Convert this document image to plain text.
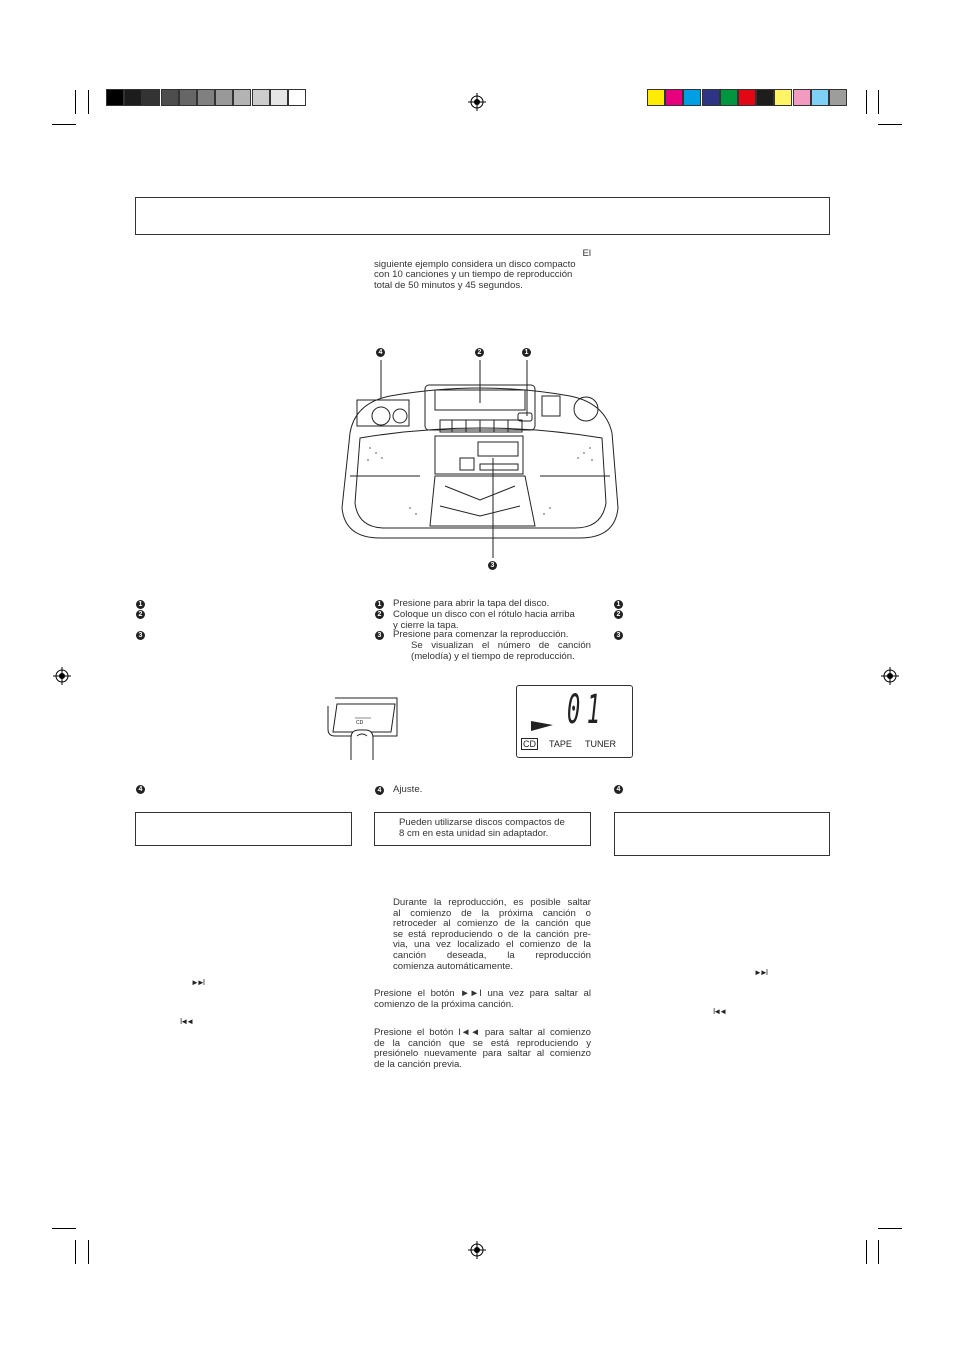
El
siguiente ejemplo considera un disco compacto
con 10 canciones y un tiempo de reproducción
total de 50 minutos y 45 segundos.
4	2	1
3
1
2
3
4
1 Presione para abrir la tapa del disco.
2 Coloque un disco con el rótulo hacia arriba
y cierre la tapa.
3 Presione para comenzar la reproducción.
Se visualizan el número de canción
(melodía) y el tiempo de reproducción.
4 Ajuste.
1
2
3
4
CD	01
CD TAPE TUNER
Pueden utilizarse discos compactos de
8 cm en esta unidad sin adaptador.
Durante la reproducción, es posible saltar
al comienzo de la próxima canción o
retroceder al comienzo de la canción que
se está reproduciendo o de la canción pre-
via, una vez localizado el comienzo de la
canción deseada, la reproducción
comienza automáticamente.
Presione el botón ►►I una vez para saltar al
comienzo de la próxima canción.
Presione el botón I◄◄ para saltar al comienzo
de la canción que se está reproduciendo y
presiónelo nuevamente para saltar al comienzo
de la canción previa.
►►I
I◄◄
►►I
I◄◄
